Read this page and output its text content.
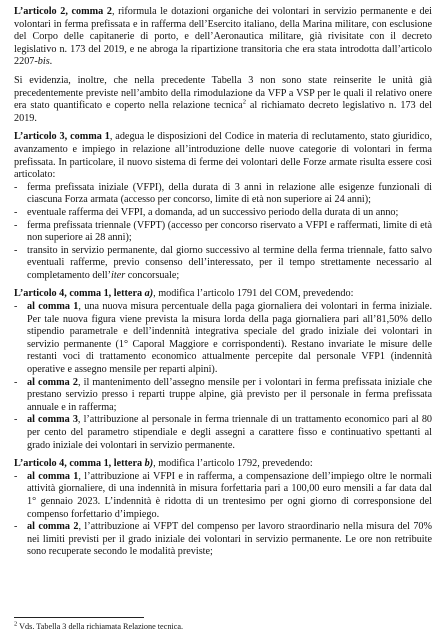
L’articolo 2, comma 2, riformula le dotazioni organiche dei volontari in servizio permanente e dei volontari in ferma prefissata e in rafferma dell’Esercito italiano, della Marina militare, con esclusione del Corpo delle capitanerie di porto, e dell’Aeronautica militare, già rivisitate con il decreto legislativo n. 173 del 2019, e ne abroga la ripartizione transitoria che era stata introdotta dall’articolo 2207-bis.

Si evidenzia, inoltre, che nella precedente Tabella 3 non sono state reinserite le unità già precedentemente previste nell’ambito della rimodulazione da VFP a VSP per le quali il relativo onere era stato quantificato e coperto nella relazione tecnica$^2$ al richiamato decreto legislativo n. 173 del 2019.

L’articolo 3, comma 1, adegua le disposizioni del Codice in materia di reclutamento, stato giuridico, avanzamento e impiego in relazione all’introduzione delle nuove categorie di volontari in ferma prefissata. In particolare, il nuovo sistema di ferme dei volontari delle Forze armate risulta essere così articolato:

- ferma prefissata iniziale (VFPI), della durata di 3 anni in relazione alle esigenze funzionali di ciascuna Forza armata (accesso per concorso, limite di età non superiore ai 24 anni);
- eventuale rafferma dei VFPI, a domanda, ad un successivo periodo della durata di un anno;
- ferma prefissata triennale (VFPT) (accesso per concorso riservato a VFPI e raffermati, limite di età non superiore ai 28 anni);
- transito in servizio permanente, dal giorno successivo al termine della ferma triennale, fatto salvo eventuali rafferme, previo consenso dell’interessato, per il tempo strettamente necessario al completamento dell’iter concorsuale;

L’articolo 4, comma 1, lettera a), modifica l’articolo 1791 del COM, prevedendo:

- al comma 1, una nuova misura percentuale della paga giornaliera dei volontari in ferma iniziale. Per tale nuova figura viene prevista la misura lorda della paga giornaliera pari all’81,50% dello stipendio parametrale e dell’indennità integrativa speciale del grado iniziale dei volontari in servizio permanente (1° Caporal Maggiore e corrispondenti). Restano invariate le misure delle restanti voci di trattamento economico attualmente percepite dal personale VFP1 (indennità operative e assegno mensile per reparti alpini).
- al comma 2, il mantenimento dell’assegno mensile per i volontari in ferma prefissata iniziale che prestano servizio presso i reparti truppe alpine, già previsto per il personale in ferma prefissata annuale e in rafferma;
- al comma 3, l’attribuzione al personale in ferma triennale di un trattamento economico pari al 80 per cento del parametro stipendiale e degli assegni a carattere fisso e continuativo spettanti al grado iniziale dei volontari in servizio permanente.

L’articolo 4, comma 1, lettera b), modifica l’articolo 1792, prevedendo:

- al comma 1, l’attribuzione ai VFPI e in rafferma, a compensazione dell’impiego oltre le normali attività giornaliere, di una indennità in misura forfettaria pari a 100,00 euro mensili a far data dal 1° gennaio 2023. L’indennità è ridotta di un trentesimo per ogni giorno di corresponsione del compenso forfettario d’impiego.
- al comma 2, l’attribuzione ai VFPT del compenso per lavoro straordinario nella misura del 70% nei limiti previsti per il grado iniziale dei volontari in servizio permanente. Le ore non retribuite sono recuperate secondo le modalità previste;
$^2$ Vds. Tabella 3 della richiamata Relazione tecnica.
